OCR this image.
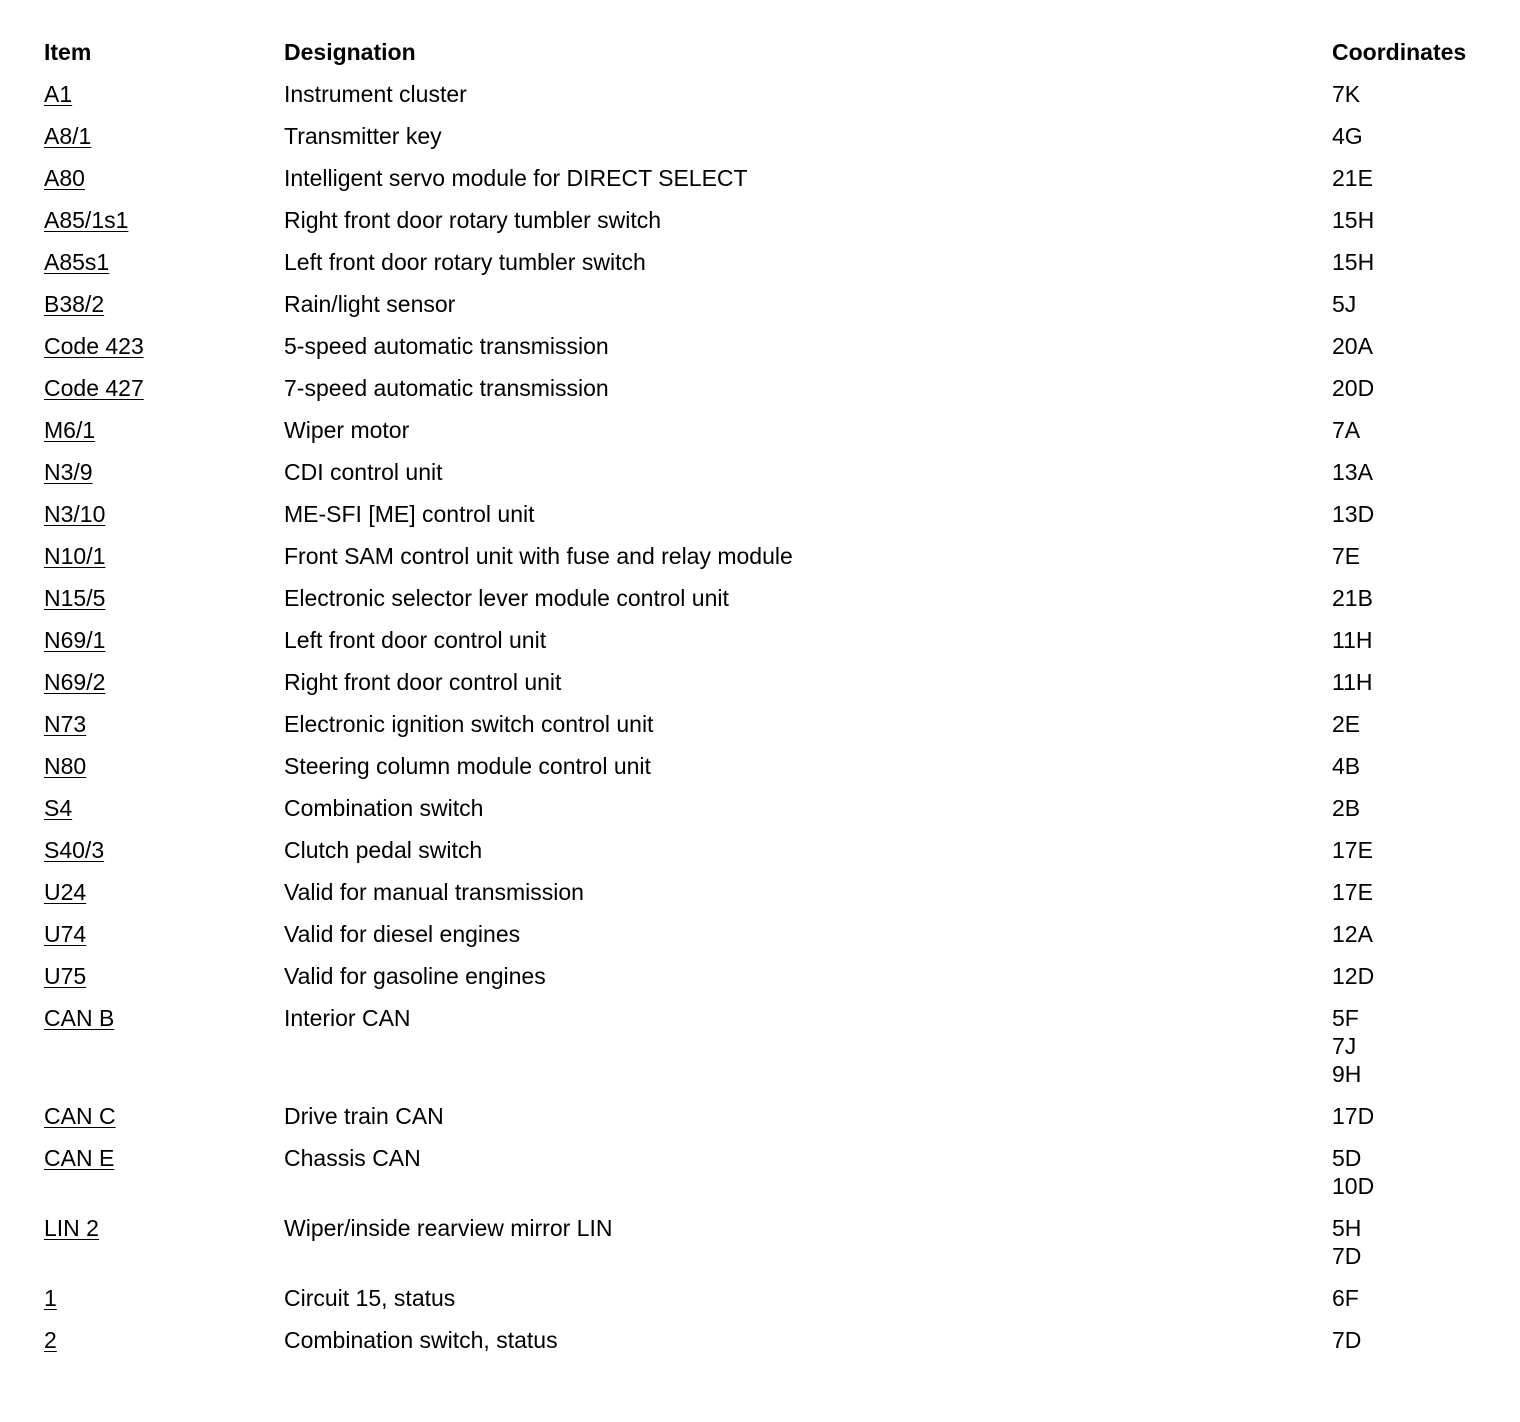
Item	Designation	Coordinates
A1	Instrument cluster	7K
A8/1	Transmitter key	4G
A80	Intelligent servo module for DIRECT SELECT	21E
A85/1s1	Right front door rotary tumbler switch	15H
A85s1	Left front door rotary tumbler switch	15H
B38/2	Rain/light sensor	5J
Code 423	5-speed automatic transmission	20A
Code 427	7-speed automatic transmission	20D
M6/1	Wiper motor	7A
N3/9	CDI control unit	13A
N3/10	ME-SFI [ME] control unit	13D
N10/1	Front SAM control unit with fuse and relay module	7E
N15/5	Electronic selector lever module control unit	21B
N69/1	Left front door control unit	11H
N69/2	Right front door control unit	11H
N73	Electronic ignition switch control unit	2E
N80	Steering column module control unit	4B
S4	Combination switch	2B
S40/3	Clutch pedal switch	17E
U24	Valid for manual transmission	17E
U74	Valid for diesel engines	12A
U75	Valid for gasoline engines	12D
CAN B	Interior CAN	5F
7J
9H
CAN C	Drive train CAN	17D
CAN E	Chassis CAN	5D
10D
LIN 2	Wiper/inside rearview mirror LIN	5H
7D
1	Circuit 15, status	6F
2	Combination switch, status	7D
